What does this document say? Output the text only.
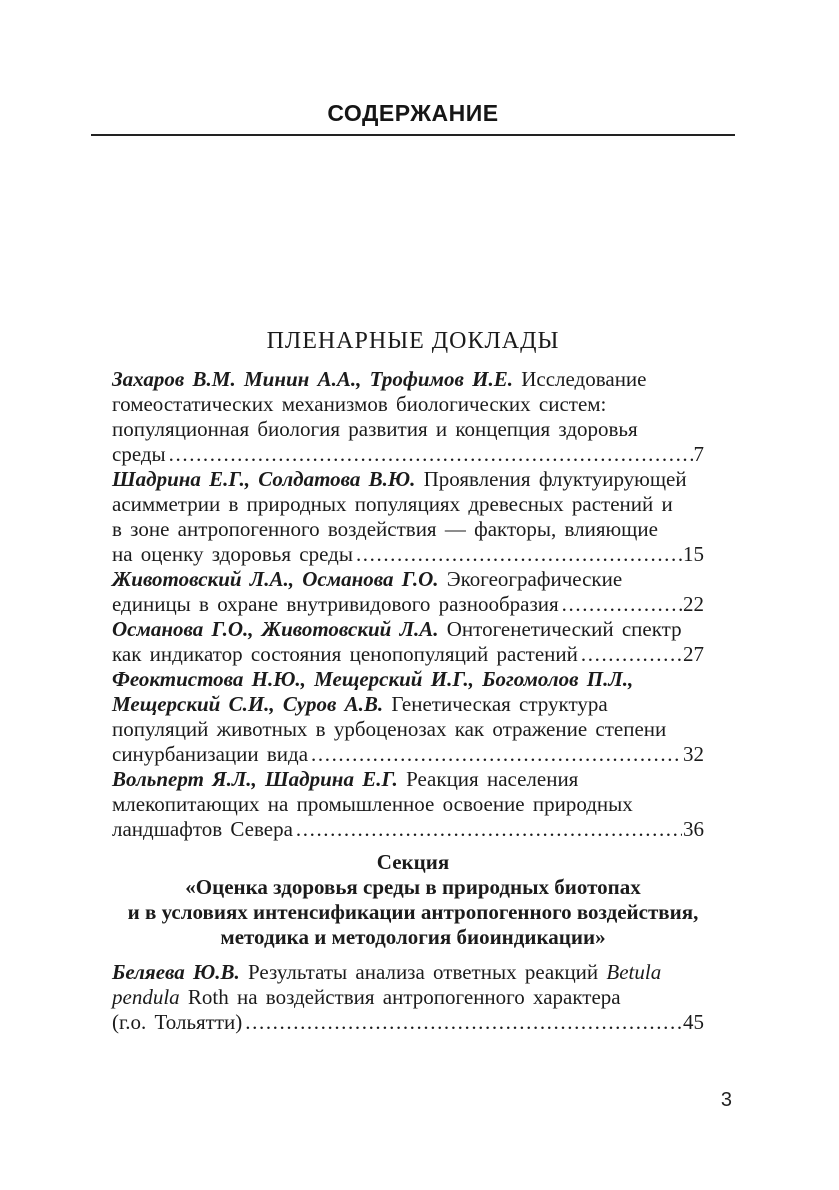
СОДЕРЖАНИЕ
ПЛЕНАРНЫЕ ДОКЛАДЫ
Захаров В.М. Минин А.А., Трофимов И.Е. Исследование
гомеостатических механизмов биологических систем:
популяционная биология развития и концепция здоровья
среды .....	7
Шадрина Е.Г., Солдатова В.Ю. Проявления флуктуирующей
асимметрии в природных популяциях древесных растений и
в зоне антропогенного воздействия — факторы, влияющие
на оценку здоровья среды .....	15
Животовский Л.А., Османова Г.О. Экогеографические
единицы в охране внутривидового разнообразия .....	22
Османова Г.О., Животовский Л.А. Онтогенетический спектр
как индикатор состояния ценопопуляций растений .....	27
Феоктистова Н.Ю., Мещерский И.Г., Богомолов П.Л.,
Мещерский С.И., Суров А.В. Генетическая структура
популяций животных в урбоценозах как отражение степени
синурбанизации вида .....	32
Вольперт Я.Л., Шадрина Е.Г. Реакция населения
млекопитающих на промышленное освоение природных
ландшафтов Севера .....	36
Секция
«Оценка здоровья среды в природных биотопах
и в условиях интенсификации антропогенного воздействия,
методика и методология биоиндикации»
Беляева Ю.В. Результаты анализа ответных реакций Betula
pendula Roth на воздействия антропогенного характера
(г.о. Тольятти) .....	45
3
